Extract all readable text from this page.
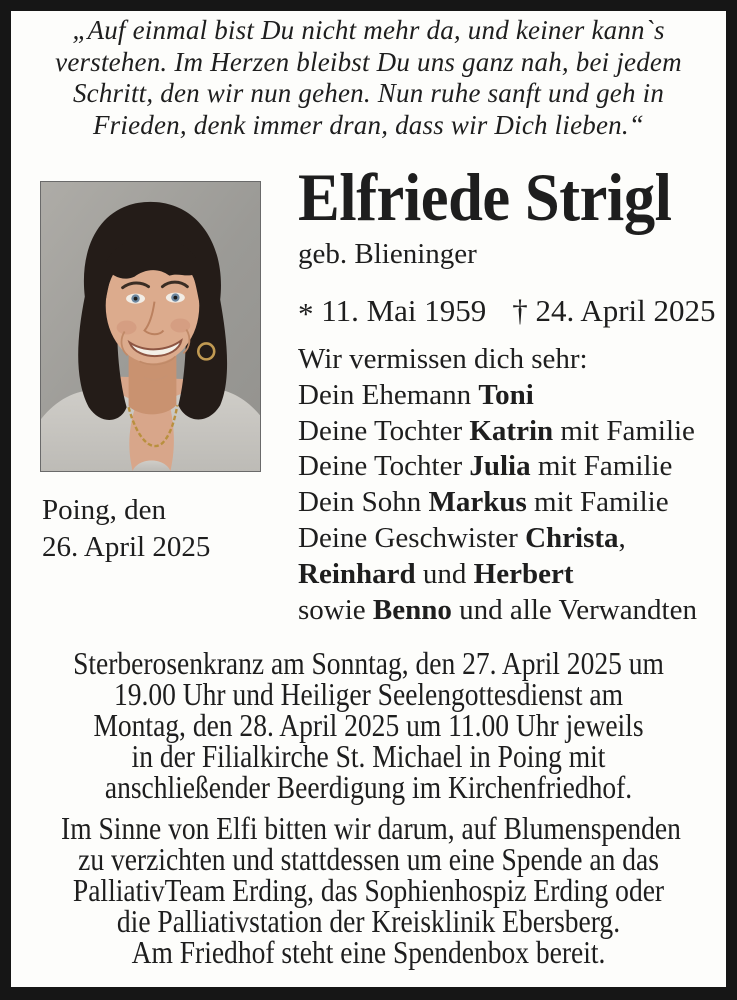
„Auf einmal bist Du nicht mehr da, und keiner kann`s
verstehen. Im Herzen bleibst Du uns ganz nah, bei jedem
Schritt, den wir nun gehen. Nun ruhe sanft und geh in
Frieden, denk immer dran, dass wir Dich lieben.“
Poing, den
26. April 2025
Elfriede Strigl
geb. Blieninger
* 11. Mai 1959 † 24. April 2025
Wir vermissen dich sehr:
Dein Ehemann Toni
Deine Tochter Katrin mit Familie
Deine Tochter Julia mit Familie
Dein Sohn Markus mit Familie
Deine Geschwister Christa,
Reinhard und Herbert
sowie Benno und alle Verwandten
Sterberosenkranz am Sonntag, den 27. April 2025 um
19.00 Uhr und Heiliger Seelengottesdienst am
Montag, den 28. April 2025 um 11.00 Uhr jeweils
in der Filialkirche St. Michael in Poing mit
anschließender Beerdigung im Kirchenfriedhof.
Im Sinne von Elfi bitten wir darum, auf Blumenspenden
zu verzichten und stattdessen um eine Spende an das
PalliativTeam Erding, das Sophienhospiz Erding oder
die Palliativstation der Kreisklinik Ebersberg.
Am Friedhof steht eine Spendenbox bereit.
